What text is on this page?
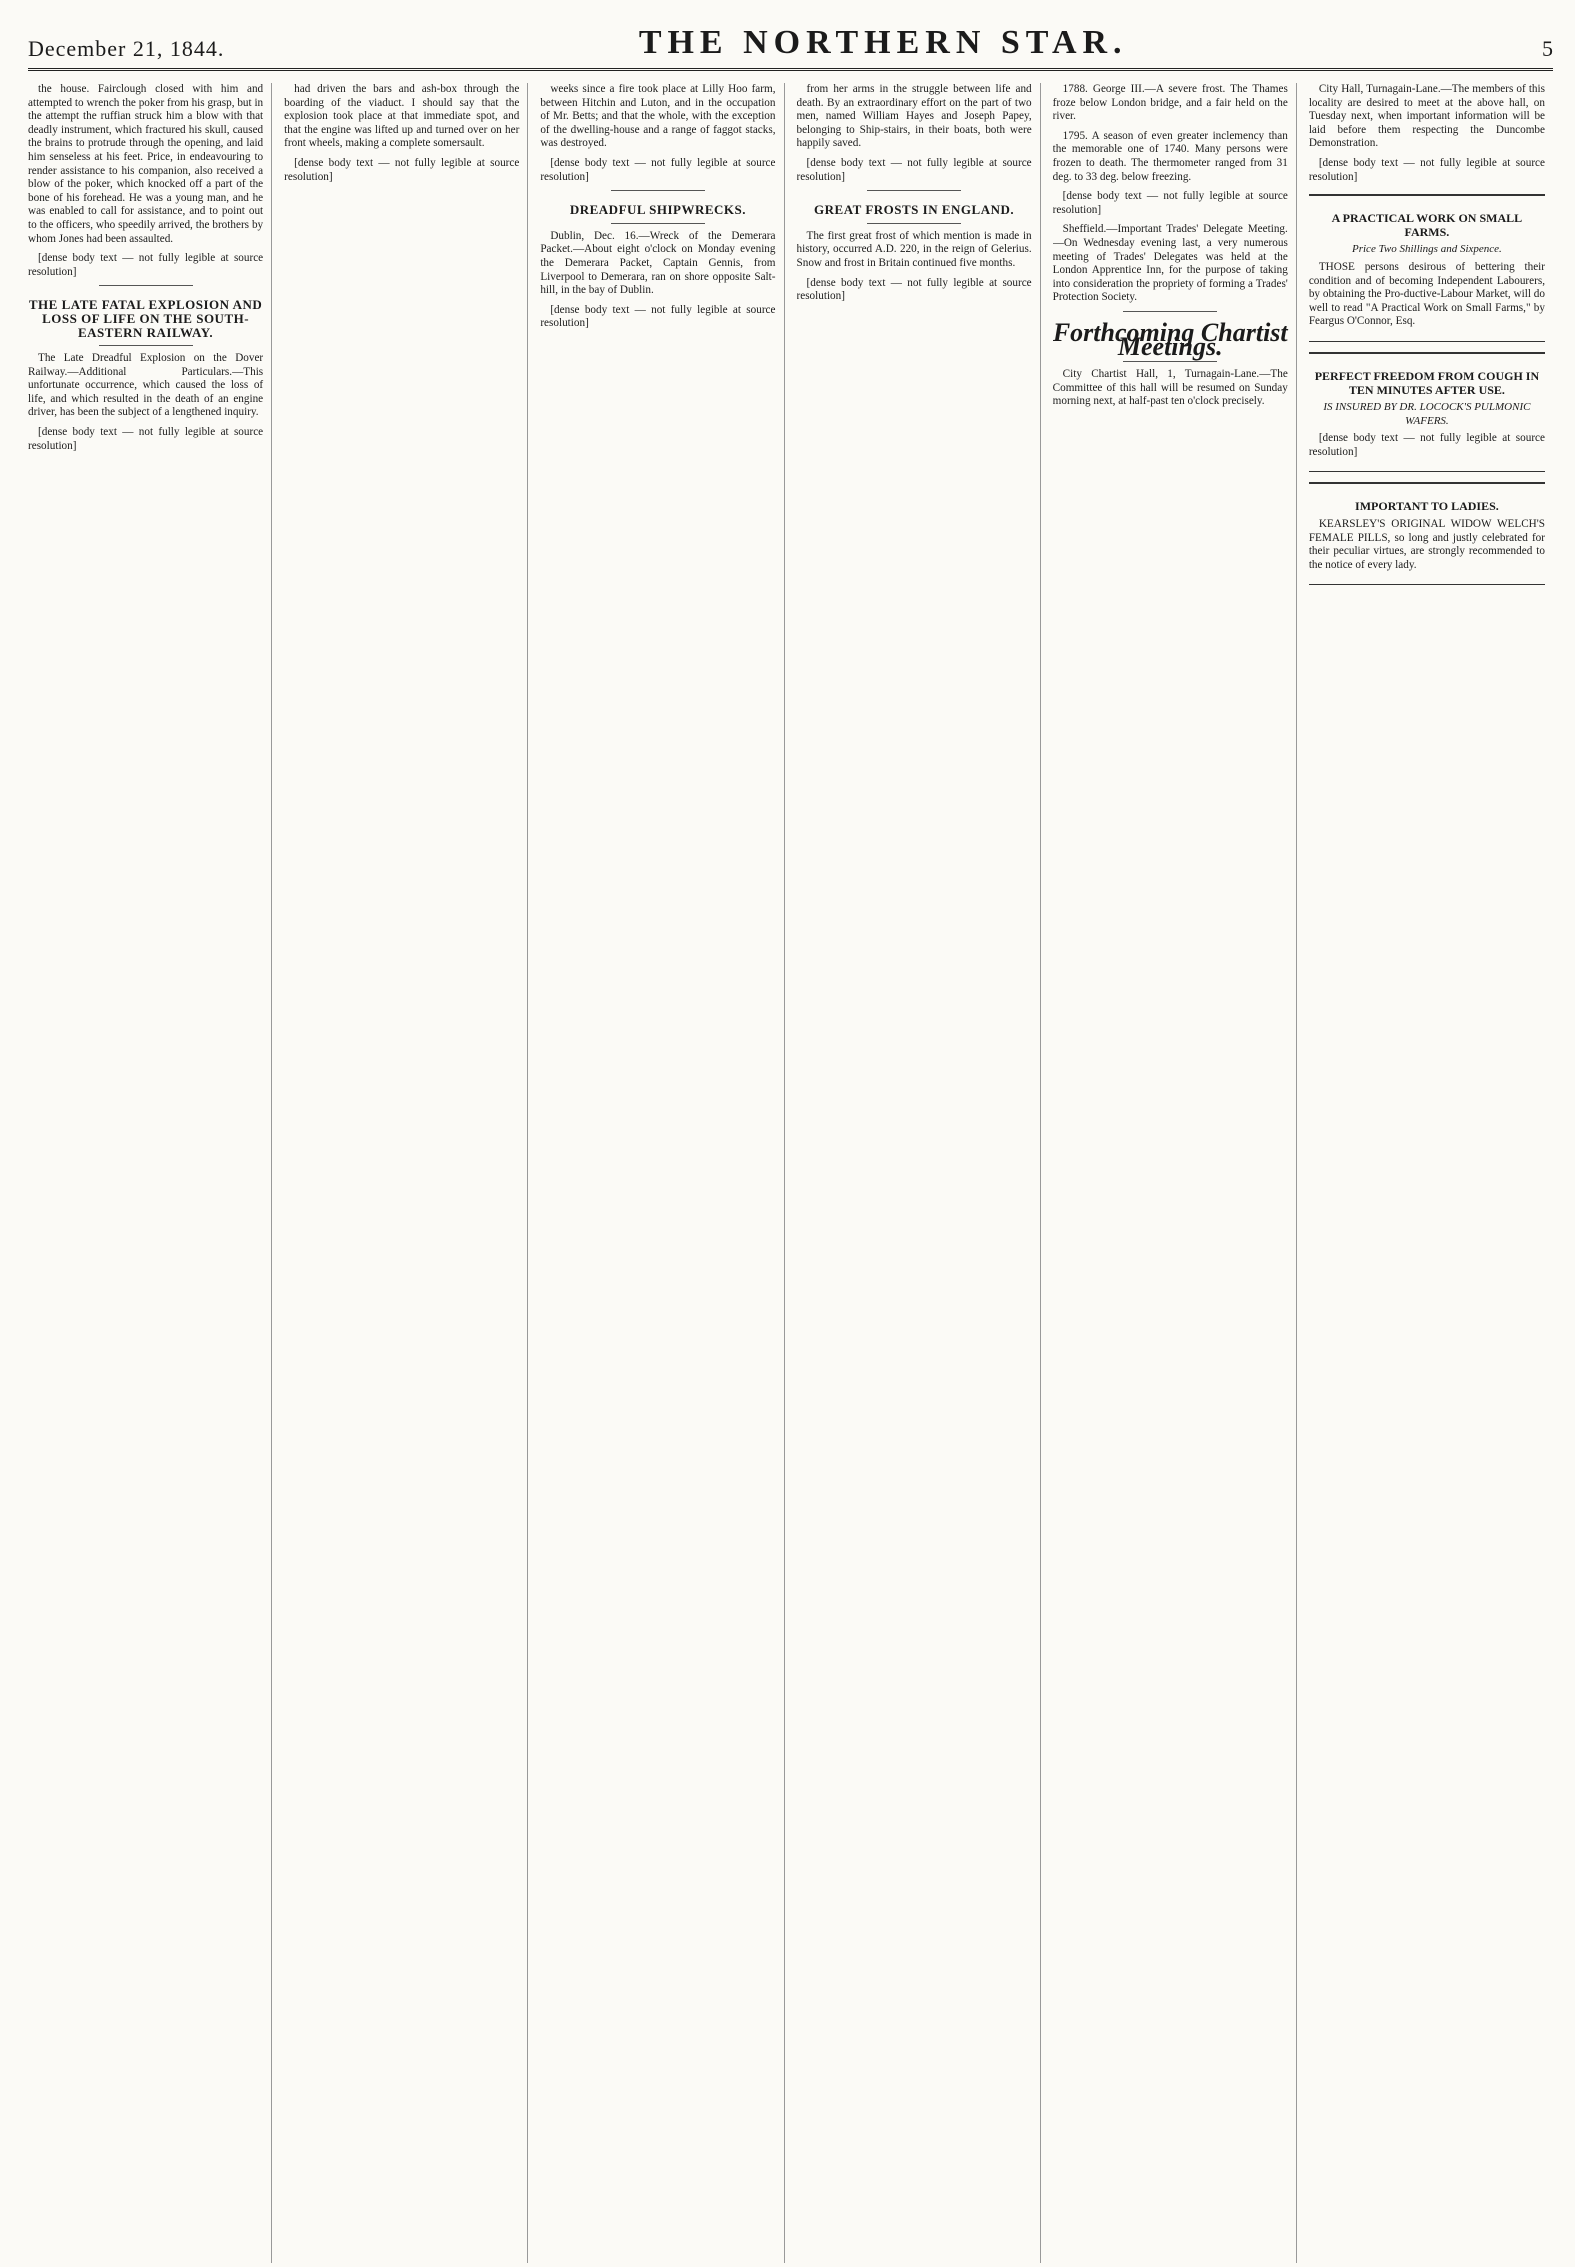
December 21, 1844.	THE NORTHERN STAR.	5

the house. Fairclough closed with him and attempted to wrench the poker from his grasp, but in the attempt the ruffian struck him a blow with that deadly instrument, which fractured his skull, caused the brains to protrude through the opening, and laid him senseless at his feet. Price, in endeavouring to render assistance to his companion, also received a blow of the poker, which knocked off a part of the bone of his forehead. He was a young man, and he was enabled to call for assistance, and to point out to the officers, who speedily arrived, the brothers by whom Jones had been assaulted.

[dense body text — not fully legible at source resolution]

THE LATE FATAL EXPLOSION AND LOSS OF LIFE ON THE SOUTH-EASTERN RAILWAY.

The Late Dreadful Explosion on the Dover Railway.—Additional Particulars.—This unfortunate occurrence, which caused the loss of life, and which resulted in the death of an engine driver, has been the subject of a lengthened inquiry.

[dense body text — not fully legible at source resolution]

had driven the bars and ash-box through the boarding of the viaduct. I should say that the explosion took place at that immediate spot, and that the engine was lifted up and turned over on her front wheels, making a complete somersault.

[dense body text — not fully legible at source resolution]

weeks since a fire took place at Lilly Hoo farm, between Hitchin and Luton, and in the occupation of Mr. Betts; and that the whole, with the exception of the dwelling-house and a range of faggot stacks, was destroyed.

[dense body text — not fully legible at source resolution]

DREADFUL SHIPWRECKS.

Dublin, Dec. 16.—Wreck of the Demerara Packet.—About eight o'clock on Monday evening the Demerara Packet, Captain Gennis, from Liverpool to Demerara, ran on shore opposite Salt-hill, in the bay of Dublin.

[dense body text — not fully legible at source resolution]

from her arms in the struggle between life and death. By an extraordinary effort on the part of two men, named William Hayes and Joseph Papey, belonging to Ship-stairs, in their boats, both were happily saved.

[dense body text — not fully legible at source resolution]

GREAT FROSTS IN ENGLAND.

The first great frost of which mention is made in history, occurred A.D. 220, in the reign of Gelerius. Snow and frost in Britain continued five months.

[dense body text — not fully legible at source resolution]

1788. George III.—A severe frost. The Thames froze below London bridge, and a fair held on the river.

1795. A season of even greater inclemency than the memorable one of 1740. Many persons were frozen to death. The thermometer ranged from 31 deg. to 33 deg. below freezing.

[dense body text — not fully legible at source resolution]

Sheffield.—Important Trades' Delegate Meeting.—On Wednesday evening last, a very numerous meeting of Trades' Delegates was held at the London Apprentice Inn, for the purpose of taking into consideration the propriety of forming a Trades' Protection Society.

Forthcoming Chartist Meetings.

City Chartist Hall, 1, Turnagain-Lane.—The Committee of this hall will be resumed on Sunday morning next, at half-past ten o'clock precisely.

City Hall, Turnagain-Lane.—The members of this locality are desired to meet at the above hall, on Tuesday next, when important information will be laid before them respecting the Duncombe Demonstration.

[dense body text — not fully legible at source resolution]

A PRACTICAL WORK ON SMALL FARMS.
Price Two Shillings and Sixpence.

THOSE persons desirous of bettering their condition and of becoming Independent Labourers, by obtaining the Pro-ductive-Labour Market, will do well to read "A Practical Work on Small Farms," by Feargus O'Connor, Esq.

PERFECT FREEDOM FROM COUGH IN TEN MINUTES AFTER USE.
IS INSURED BY DR. LOCOCK'S PULMONIC WAFERS.

[dense body text — not fully legible at source resolution]

IMPORTANT TO LADIES.

KEARSLEY'S ORIGINAL WIDOW WELCH'S FEMALE PILLS, so long and justly celebrated for their peculiar virtues, are strongly recommended to the notice of every lady.
